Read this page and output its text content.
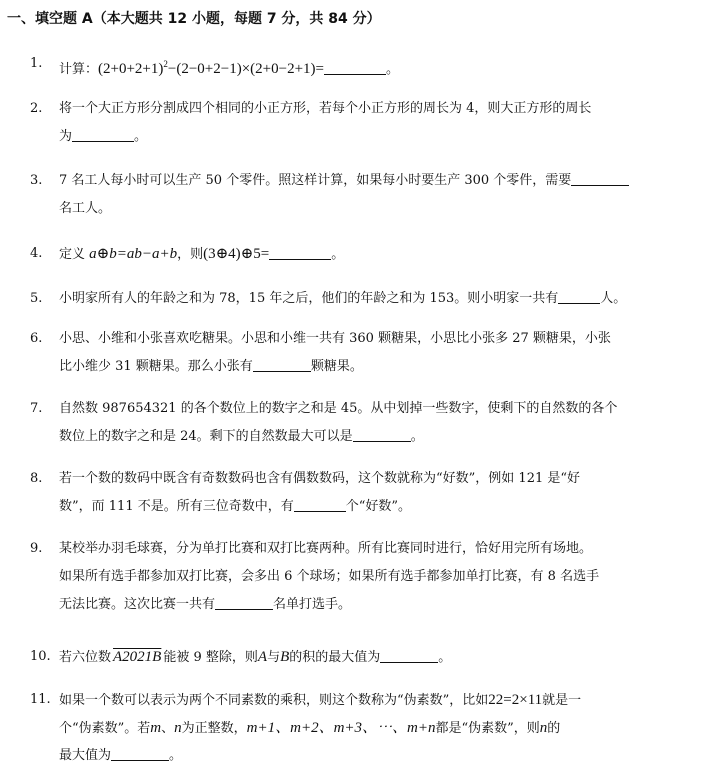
一、填空题 A（本大题共 12 小题，每题 7 分，共 84 分）
1. 计算：$(2+0+2+1)^2-(2-0+2-1)\times(2+0-2+1)=$	。
2. 将一个大正方形分割成四个相同的小正方形，若每个小正方形的周长为 4，则大正方形的周长
为	。
3. 7 名工人每小时可以生产 50 个零件。照这样计算，如果每小时要生产 300 个零件，需要
名工人。
4. 定义 a⊕b=ab−a+b，则(3⊕4)⊕5=	。
5. 小明家所有人的年龄之和为 78，15 年之后，他们的年龄之和为 153。则小明家一共有	人。
6. 小思、小维和小张喜欢吃糖果。小思和小维一共有 360 颗糖果，小思比小张多 27 颗糖果，小张
比小维少 31 颗糖果。那么小张有	颗糖果。
7. 自然数 987654321 的各个数位上的数字之和是 45。从中划掉一些数字，使剩下的自然数的各个
数位上的数字之和是 24。剩下的自然数最大可以是	。
8. 若一个数的数码中既含有奇数数码也含有偶数数码，这个数就称为“好数”，例如 121 是“好
数”，而 111 不是。所有三位奇数中，有	个“好数”。
9. 某校举办羽毛球赛，分为单打比赛和双打比赛两种。所有比赛同时进行，恰好用完所有场地。
如果所有选手都参加双打比赛，会多出 6 个球场；如果所有选手都参加单打比赛，有 8 名选手
无法比赛。这次比赛一共有	名单打选手。
10. 若六位数 A2021B 能被 9 整除，则A与B的积的最大值为	。
11. 如果一个数可以表示为两个不同素数的乘积，则这个数称为“伪素数”，比如22=2×11就是一
个“伪素数”。若m、n为正整数，m+1、m+2、m+3、⋯、m+n都是“伪素数”，则n的
最大值为	。
